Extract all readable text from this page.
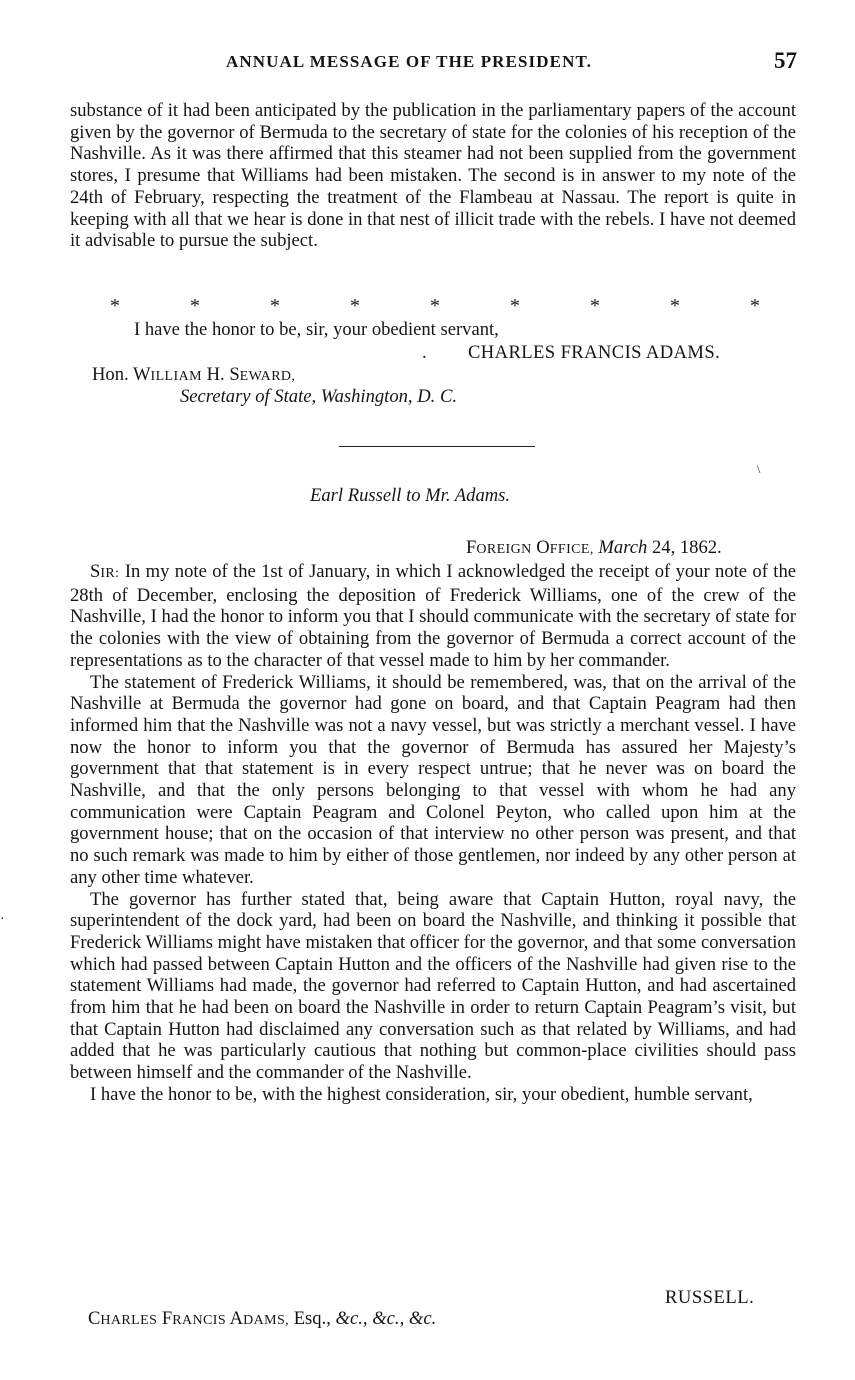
ANNUAL MESSAGE OF THE PRESIDENT.	57

substance of it had been anticipated by the publication in the parliamentary papers of the account given by the governor of Bermuda to the secretary of state for the colonies of his reception of the Nashville. As it was there affirmed that this steamer had not been supplied from the government stores, I presume that Williams had been mistaken. The second is in answer to my note of the 24th of February, respecting the treatment of the Flambeau at Nassau. The report is quite in keeping with all that we hear is done in that nest of illicit trade with the rebels. I have not deemed it advisable to pursue the subject.

*	*	*	*	*	*	*	*	*
I have the honor to be, sir, your obedient servant,
. CHARLES FRANCIS ADAMS.
Hon. WILLIAM H. SEWARD,
Secretary of State, Washington, D. C.
\
·
Earl Russell to Mr. Adams.
FOREIGN OFFICE, March 24, 1862.

SIR: In my note of the 1st of January, in which I acknowledged the receipt of your note of the 28th of December, enclosing the deposition of Frederick Williams, one of the crew of the Nashville, I had the honor to inform you that I should communicate with the secretary of state for the colonies with the view of obtaining from the governor of Bermuda a correct account of the representations as to the character of that vessel made to him by her commander.

The statement of Frederick Williams, it should be remembered, was, that on the arrival of the Nashville at Bermuda the governor had gone on board, and that Captain Peagram had then informed him that the Nashville was not a navy vessel, but was strictly a merchant vessel. I have now the honor to inform you that the governor of Bermuda has assured her Majesty’s government that that statement is in every respect untrue; that he never was on board the Nashville, and that the only persons belonging to that vessel with whom he had any communication were Captain Peagram and Colonel Peyton, who called upon him at the government house; that on the occasion of that interview no other person was present, and that no such remark was made to him by either of those gentlemen, nor indeed by any other person at any other time whatever.

The governor has further stated that, being aware that Captain Hutton, royal navy, the superintendent of the dock yard, had been on board the Nashville, and thinking it possible that Frederick Williams might have mistaken that officer for the governor, and that some conversation which had passed between Captain Hutton and the officers of the Nashville had given rise to the statement Williams had made, the governor had referred to Captain Hutton, and had ascertained from him that he had been on board the Nashville in order to return Captain Peagram’s visit, but that Captain Hutton had disclaimed any conversation such as that related by Williams, and had added that he was particularly cautious that nothing but common-place civilities should pass between himself and the commander of the Nashville.

I have the honor to be, with the highest consideration, sir, your obedient, humble servant,

RUSSELL.
CHARLES FRANCIS ADAMS, Esq., &c., &c., &c.
